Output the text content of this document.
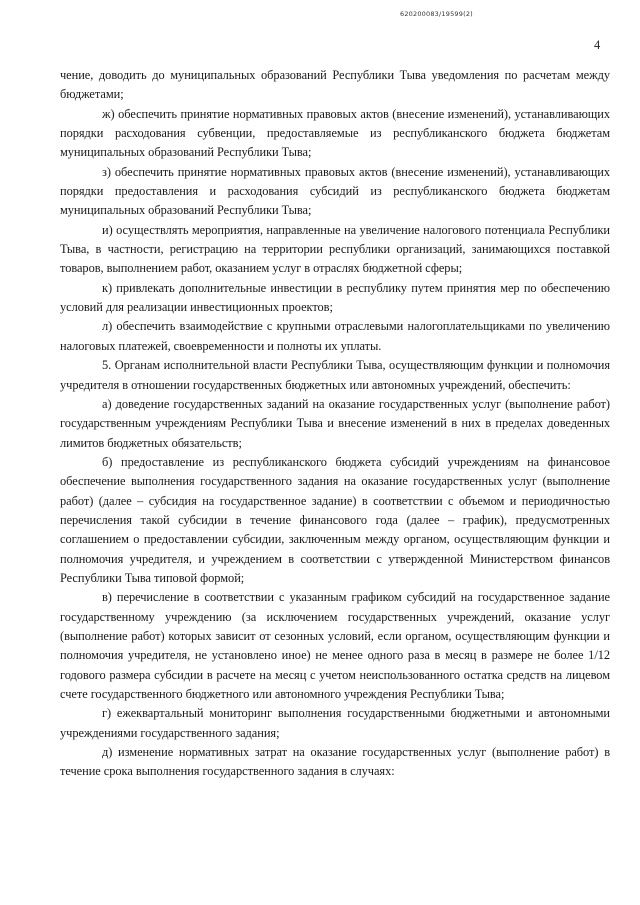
620200083/19599(2)
4

чение, доводить до муниципальных образований Республики Тыва уведомления по расчетам между бюджетами;

ж) обеспечить принятие нормативных правовых актов (внесение изменений), устанавливающих порядки расходования субвенции, предоставляемые из республиканского бюджета бюджетам муниципальных образований Республики Тыва;

з) обеспечить принятие нормативных правовых актов (внесение изменений), устанавливающих порядки предоставления и расходования субсидий из республиканского бюджета бюджетам муниципальных образований Республики Тыва;

и) осуществлять мероприятия, направленные на увеличение налогового потенциала Республики Тыва, в частности, регистрацию на территории республики организаций, занимающихся поставкой товаров, выполнением работ, оказанием услуг в отраслях бюджетной сферы;

к) привлекать дополнительные инвестиции в республику путем принятия мер по обеспечению условий для реализации инвестиционных проектов;

л) обеспечить взаимодействие с крупными отраслевыми налогоплательщиками по увеличению налоговых платежей, своевременности и полноты их уплаты.

5. Органам исполнительной власти Республики Тыва, осуществляющим функции и полномочия учредителя в отношении государственных бюджетных или автономных учреждений, обеспечить:

а) доведение государственных заданий на оказание государственных услуг (выполнение работ) государственным учреждениям Республики Тыва и внесение изменений в них в пределах доведенных лимитов бюджетных обязательств;

б) предоставление из республиканского бюджета субсидий учреждениям на финансовое обеспечение выполнения государственного задания на оказание государственных услуг (выполнение работ) (далее – субсидия на государственное задание) в соответствии с объемом и периодичностью перечисления такой субсидии в течение финансового года (далее – график), предусмотренных соглашением о предоставлении субсидии, заключенным между органом, осуществляющим функции и полномочия учредителя, и учреждением в соответствии с утвержденной Министерством финансов Республики Тыва типовой формой;

в) перечисление в соответствии с указанным графиком субсидий на государственное задание государственному учреждению (за исключением государственных учреждений, оказание услуг (выполнение работ) которых зависит от сезонных условий, если органом, осуществляющим функции и полномочия учредителя, не установлено иное) не менее одного раза в месяц в размере не более 1/12 годового размера субсидии в расчете на месяц с учетом неиспользованного остатка средств на лицевом счете государственного бюджетного или автономного учреждения Республики Тыва;

г) ежеквартальный мониторинг выполнения государственными бюджетными и автономными учреждениями государственного задания;

д) изменение нормативных затрат на оказание государственных услуг (выполнение работ) в течение срока выполнения государственного задания в случаях:
